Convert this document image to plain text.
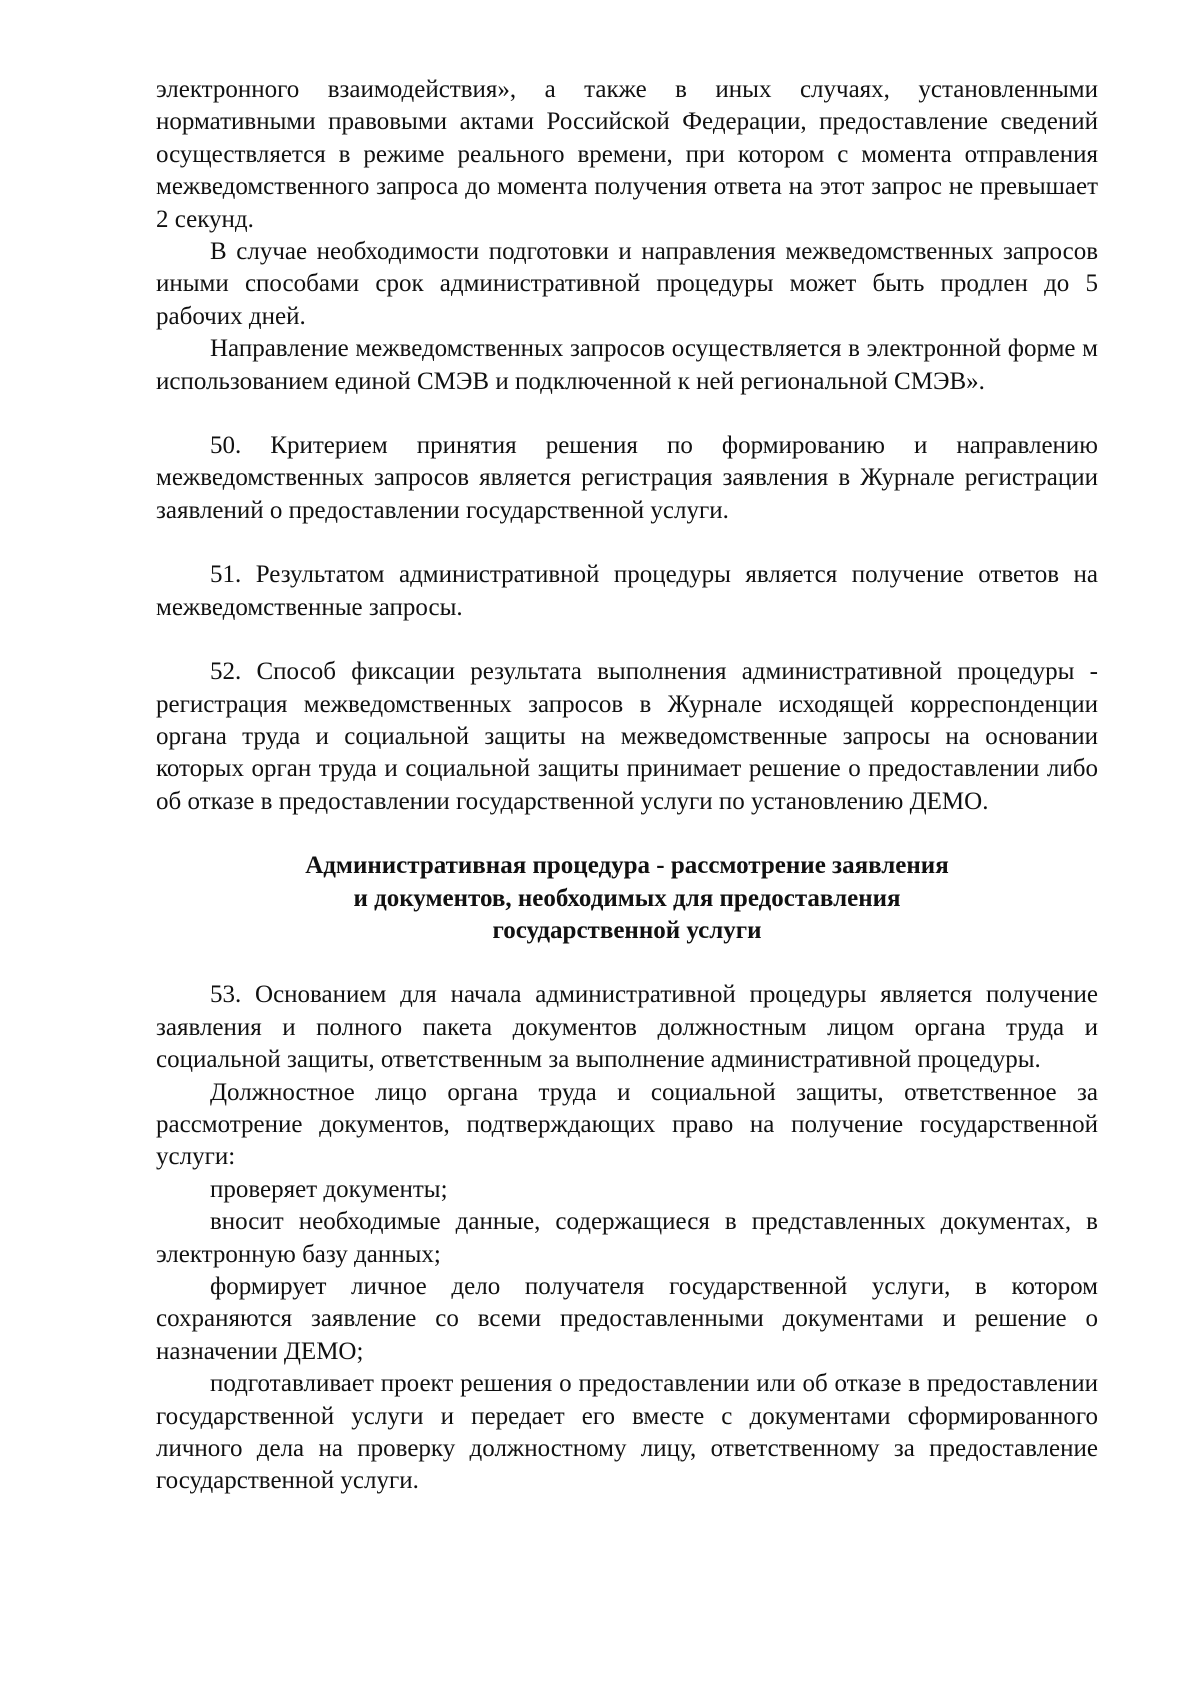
электронного взаимодействия», а также в иных случаях, установленными нормативными правовыми актами Российской Федерации, предоставление сведений осуществляется в режиме реального времени, при котором с момента отправления межведомственного запроса до момента получения ответа на этот запрос не превышает 2 секунд.

В случае необходимости подготовки и направления межведомственных запросов иными способами срок административной процедуры может быть продлен до 5 рабочих дней.

Направление межведомственных запросов осуществляется в электронной форме м использованием единой СМЭВ и подключенной к ней региональной СМЭВ».

50. Критерием принятия решения по формированию и направлению межведомственных запросов является регистрация заявления в Журнале регистрации заявлений о предоставлении государственной услуги.

51. Результатом административной процедуры является получение ответов на межведомственные запросы.

52. Способ фиксации результата выполнения административной процедуры - регистрация межведомственных запросов в Журнале исходящей корреспонденции органа труда и социальной защиты на межведомственные запросы на основании которых орган труда и социальной защиты принимает решение о предоставлении либо об отказе в предоставлении государственной услуги по установлению ДЕМО.

Административная процедура - рассмотрение заявления
и документов, необходимых для предоставления
государственной услуги

53. Основанием для начала административной процедуры является получение заявления и полного пакета документов должностным лицом органа труда и социальной защиты, ответственным за выполнение административной процедуры.

Должностное лицо органа труда и социальной защиты, ответственное за рассмотрение документов, подтверждающих право на получение государственной услуги:

проверяет документы;

вносит необходимые данные, содержащиеся в представленных документах, в электронную базу данных;

формирует личное дело получателя государственной услуги, в котором сохраняются заявление со всеми предоставленными документами и решение о назначении ДЕМО;

подготавливает проект решения о предоставлении или об отказе в предоставлении государственной услуги и передает его вместе с документами сформированного личного дела на проверку должностному лицу, ответственному за предоставление государственной услуги.
